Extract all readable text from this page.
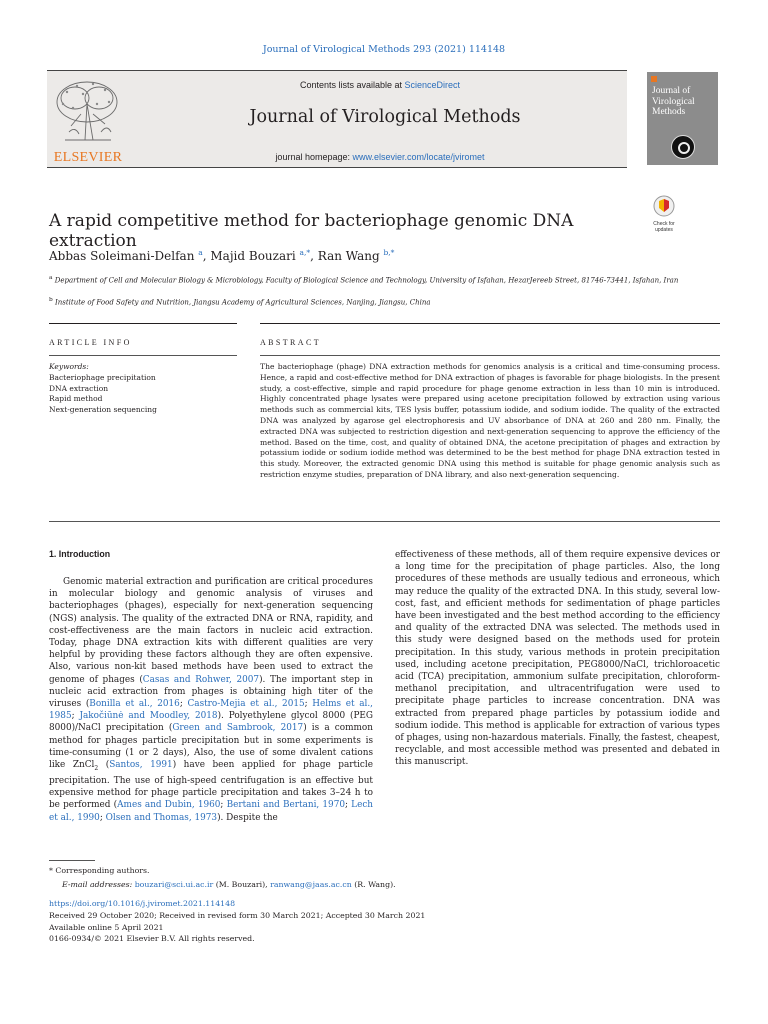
Journal of Virological Methods 293 (2021) 114148
ELSEVIER
Contents lists available at ScienceDirect
Journal of Virological Methods
journal homepage: www.elsevier.com/locate/jviromet
Journal of Virological Methods
Check for updates
A rapid competitive method for bacteriophage genomic DNA extraction
Abbas Soleimani-Delfan $^a$, Majid Bouzari $^{a,*}$, Ran Wang $^{b,*}$
$^a$ Department of Cell and Molecular Biology & Microbiology, Faculty of Biological Science and Technology, University of Isfahan, HezarJereeb Street, 81746-73441, Isfahan, Iran
$^b$ Institute of Food Safety and Nutrition, Jiangsu Academy of Agricultural Sciences, Nanjing, Jiangsu, China
ARTICLE INFO	ABSTRACT
Keywords:
Bacteriophage precipitation
DNA extraction
Rapid method
Next-generation sequencing
The bacteriophage (phage) DNA extraction methods for genomics analysis is a critical and time-consuming process. Hence, a rapid and cost-effective method for DNA extraction of phages is favorable for phage biologists. In the present study, a cost-effective, simple and rapid procedure for phage genome extraction in less than 10 min is introduced. Highly concentrated phage lysates were prepared using acetone precipitation followed by extraction using various methods such as commercial kits, TES lysis buffer, potassium iodide, and sodium iodide. The quality of the extracted DNA was analyzed by agarose gel electrophoresis and UV absorbance of DNA at 260 and 280 nm. Finally, the extracted DNA was subjected to restriction digestion and next-generation sequencing to approve the efficiency of the method. Based on the time, cost, and quality of obtained DNA, the acetone precipitation of phages and extraction by potassium iodide or sodium iodide method was determined to be the best method for phage DNA extraction tested in this study. Moreover, the extracted genomic DNA using this method is suitable for phage genomic analysis such as restriction enzyme studies, preparation of DNA library, and also next-generation sequencing.
1. Introduction
Genomic material extraction and purification are critical procedures in molecular biology and genomic analysis of viruses and bacteriophages (phages), especially for next-generation sequencing (NGS) analysis. The quality of the extracted DNA or RNA, rapidity, and cost-effectiveness are the main factors in nucleic acid extraction. Today, phage DNA extraction kits with different qualities are very helpful by providing these factors although they are often expensive. Also, various non-kit based methods have been used to extract the genome of phages (Casas and Rohwer, 2007). The important step in nucleic acid extraction from phages is obtaining high titer of the viruses (Bonilla et al., 2016; Castro-Mejia et al., 2015; Helms et al., 1985; Jakočiūnė and Moodley, 2018). Polyethylene glycol 8000 (PEG 8000)/NaCl precipitation (Green and Sambrook, 2017) is a common method for phages particle precipitation but in some experiments is time-consuming (1 or 2 days), Also, the use of some divalent cations like ZnCl$_2$ (Santos, 1991) have been applied for phage particle precipitation. The use of high-speed centrifugation is an effective but expensive method for phage particle precipitation and takes 3–24 h to be performed (Ames and Dubin, 1960; Bertani and Bertani, 1970; Lech et al., 1990; Olsen and Thomas, 1973). Despite the
effectiveness of these methods, all of them require expensive devices or a long time for the precipitation of phage particles. Also, the long procedures of these methods are usually tedious and erroneous, which may reduce the quality of the extracted DNA. In this study, several low-cost, fast, and efficient methods for sedimentation of phage particles have been investigated and the best method according to the efficiency and quality of the extracted DNA was selected. The methods used in this study were designed based on the methods used for protein precipitation. In this study, various methods in protein precipitation used, including acetone precipitation, PEG8000/NaCl, trichloroacetic acid (TCA) precipitation, ammonium sulfate precipitation, chloroform-methanol precipitation, and ultracentrifugation were used to precipitate phage particles to increase concentration. DNA was extracted from prepared phage particles by potassium iodide and sodium iodide. This method is applicable for extraction of various types of phages, using non-hazardous materials. Finally, the fastest, cheapest, recyclable, and most accessible method was presented and debated in this manuscript.
* Corresponding authors.
E-mail addresses: bouzari@sci.ui.ac.ir (M. Bouzari), ranwang@jaas.ac.cn (R. Wang).
https://doi.org/10.1016/j.jviromet.2021.114148
Received 29 October 2020; Received in revised form 30 March 2021; Accepted 30 March 2021
Available online 5 April 2021
0166-0934/© 2021 Elsevier B.V. All rights reserved.
